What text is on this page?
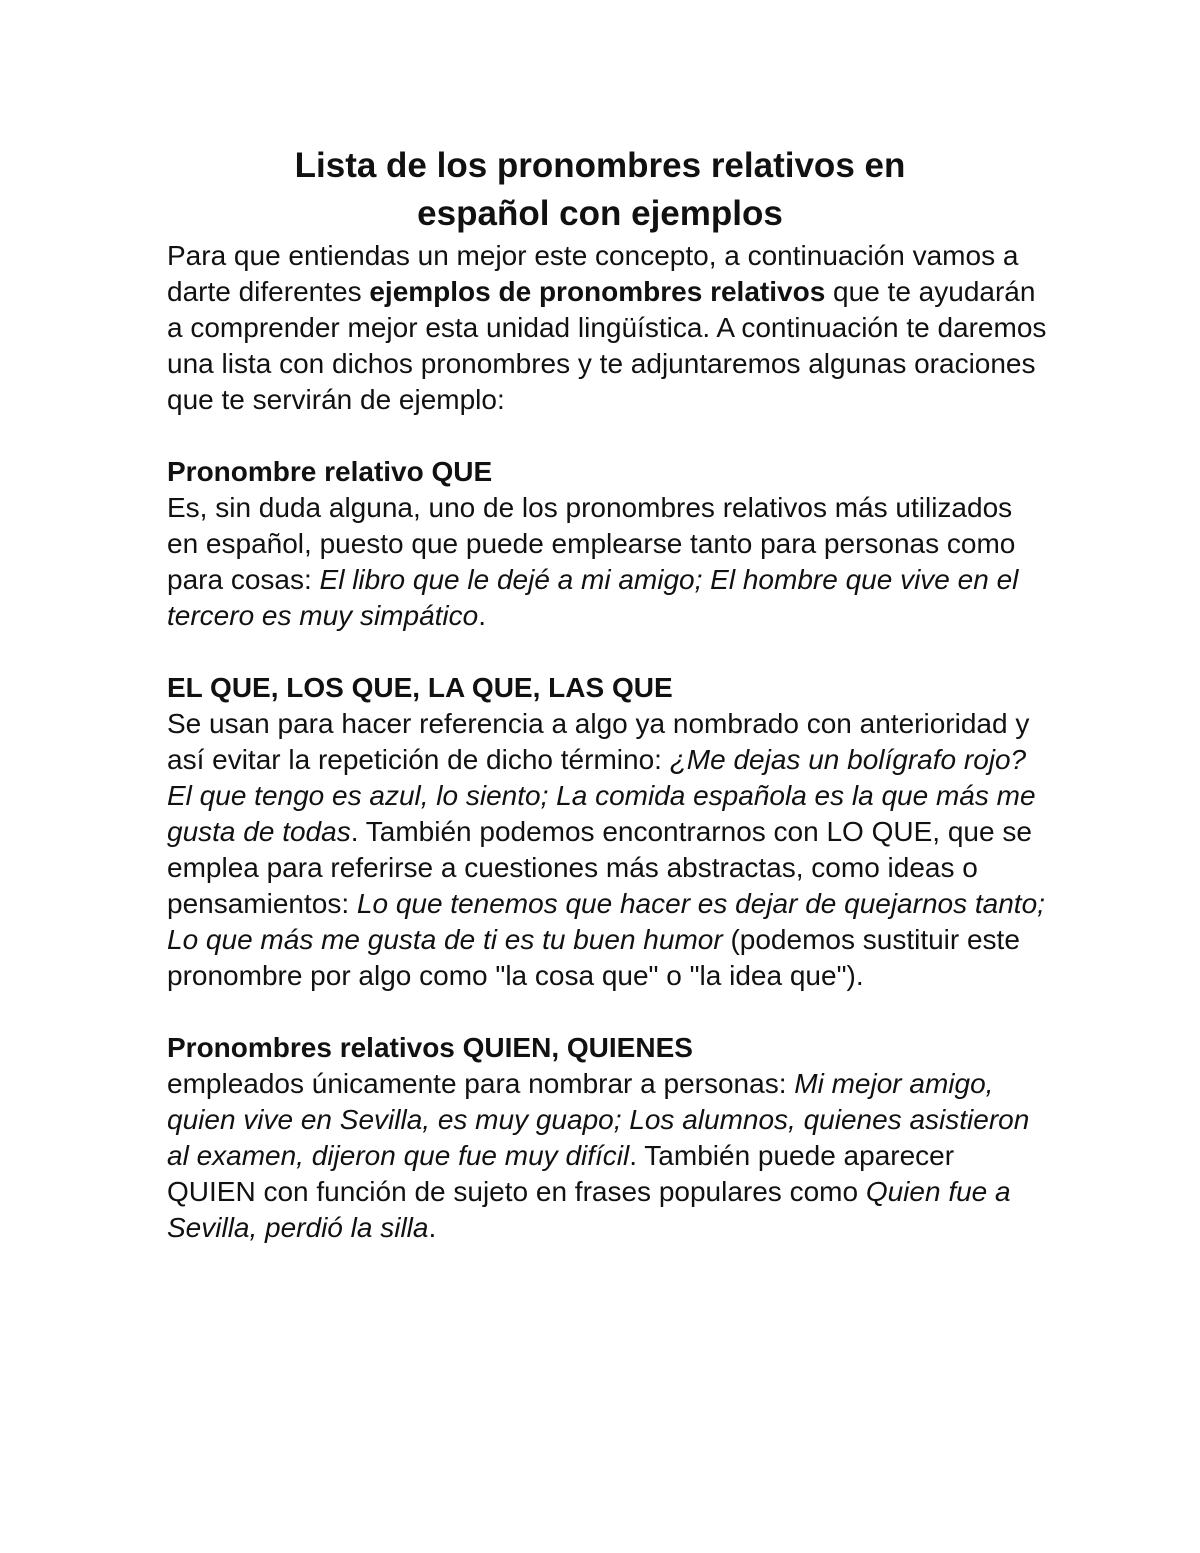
Lista de los pronombres relativos en
español con ejemplos

Para que entiendas un mejor este concepto, a continuación vamos a darte diferentes ejemplos de pronombres relativos que te ayudarán a comprender mejor esta unidad lingüística. A continuación te daremos una lista con dichos pronombres y te adjuntaremos algunas oraciones que te servirán de ejemplo:

Pronombre relativo QUE

Es, sin duda alguna, uno de los pronombres relativos más utilizados en español, puesto que puede emplearse tanto para personas como para cosas: El libro que le dejé a mi amigo; El hombre que vive en el tercero es muy simpático.

EL QUE, LOS QUE, LA QUE, LAS QUE

Se usan para hacer referencia a algo ya nombrado con anterioridad y así evitar la repetición de dicho término: ¿Me dejas un bolígrafo rojo? El que tengo es azul, lo siento; La comida española es la que más me gusta de todas. También podemos encontrarnos con LO QUE, que se emplea para referirse a cuestiones más abstractas, como ideas o pensamientos: Lo que tenemos que hacer es dejar de quejarnos tanto; Lo que más me gusta de ti es tu buen humor (podemos sustituir este pronombre por algo como "la cosa que" o "la idea que").

Pronombres relativos QUIEN, QUIENES

empleados únicamente para nombrar a personas: Mi mejor amigo, quien vive en Sevilla, es muy guapo; Los alumnos, quienes asistieron al examen, dijeron que fue muy difícil. También puede aparecer QUIEN con función de sujeto en frases populares como Quien fue a Sevilla, perdió la silla.
